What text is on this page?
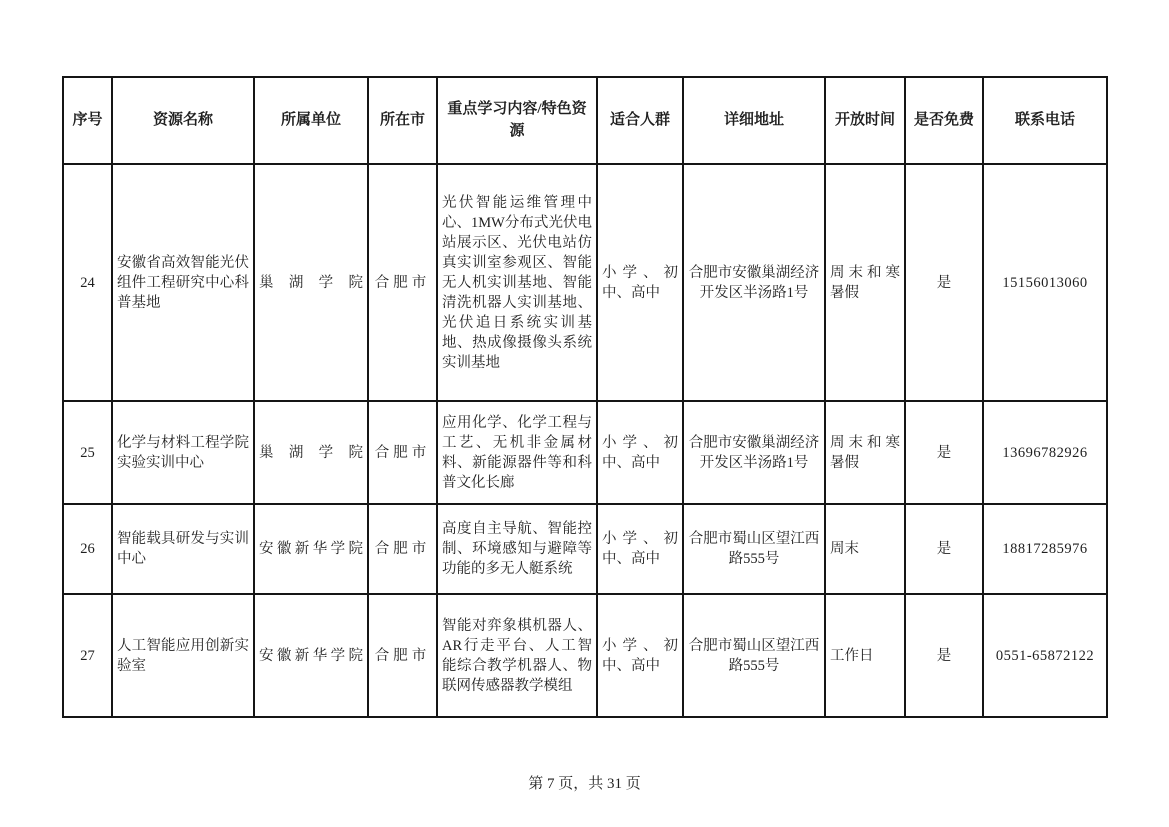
序号	资源名称	所属单位	所在市	重点学习内容/特色资源	适合人群	详细地址	开放时间	是否免费	联系电话
24	安徽省高效智能光伏组件工程研究中心科普基地	巢湖学院	合肥市	光伏智能运维管理中心、1MW分布式光伏电站展示区、光伏电站仿真实训室参观区、智能无人机实训基地、智能清洗机器人实训基地、光伏追日系统实训基地、热成像摄像头系统实训基地	小学、初中、高中	合肥市安徽巢湖经济开发区半汤路1号	周末和寒暑假	是	15156013060
25	化学与材料工程学院实验实训中心	巢湖学院	合肥市	应用化学、化学工程与工艺、无机非金属材料、新能源器件等和科普文化长廊	小学、初中、高中	合肥市安徽巢湖经济开发区半汤路1号	周末和寒暑假	是	13696782926
26	智能载具研发与实训中心	安徽新华学院	合肥市	高度自主导航、智能控制、环境感知与避障等功能的多无人艇系统	小学、初中、高中	合肥市蜀山区望江西路555号	周末	是	18817285976
27	人工智能应用创新实验室	安徽新华学院	合肥市	智能对弈象棋机器人、AR行走平台、人工智能综合教学机器人、物联网传感器教学模组	小学、初中、高中	合肥市蜀山区望江西路555号	工作日	是	0551-65872122
第 7 页，共 31 页
